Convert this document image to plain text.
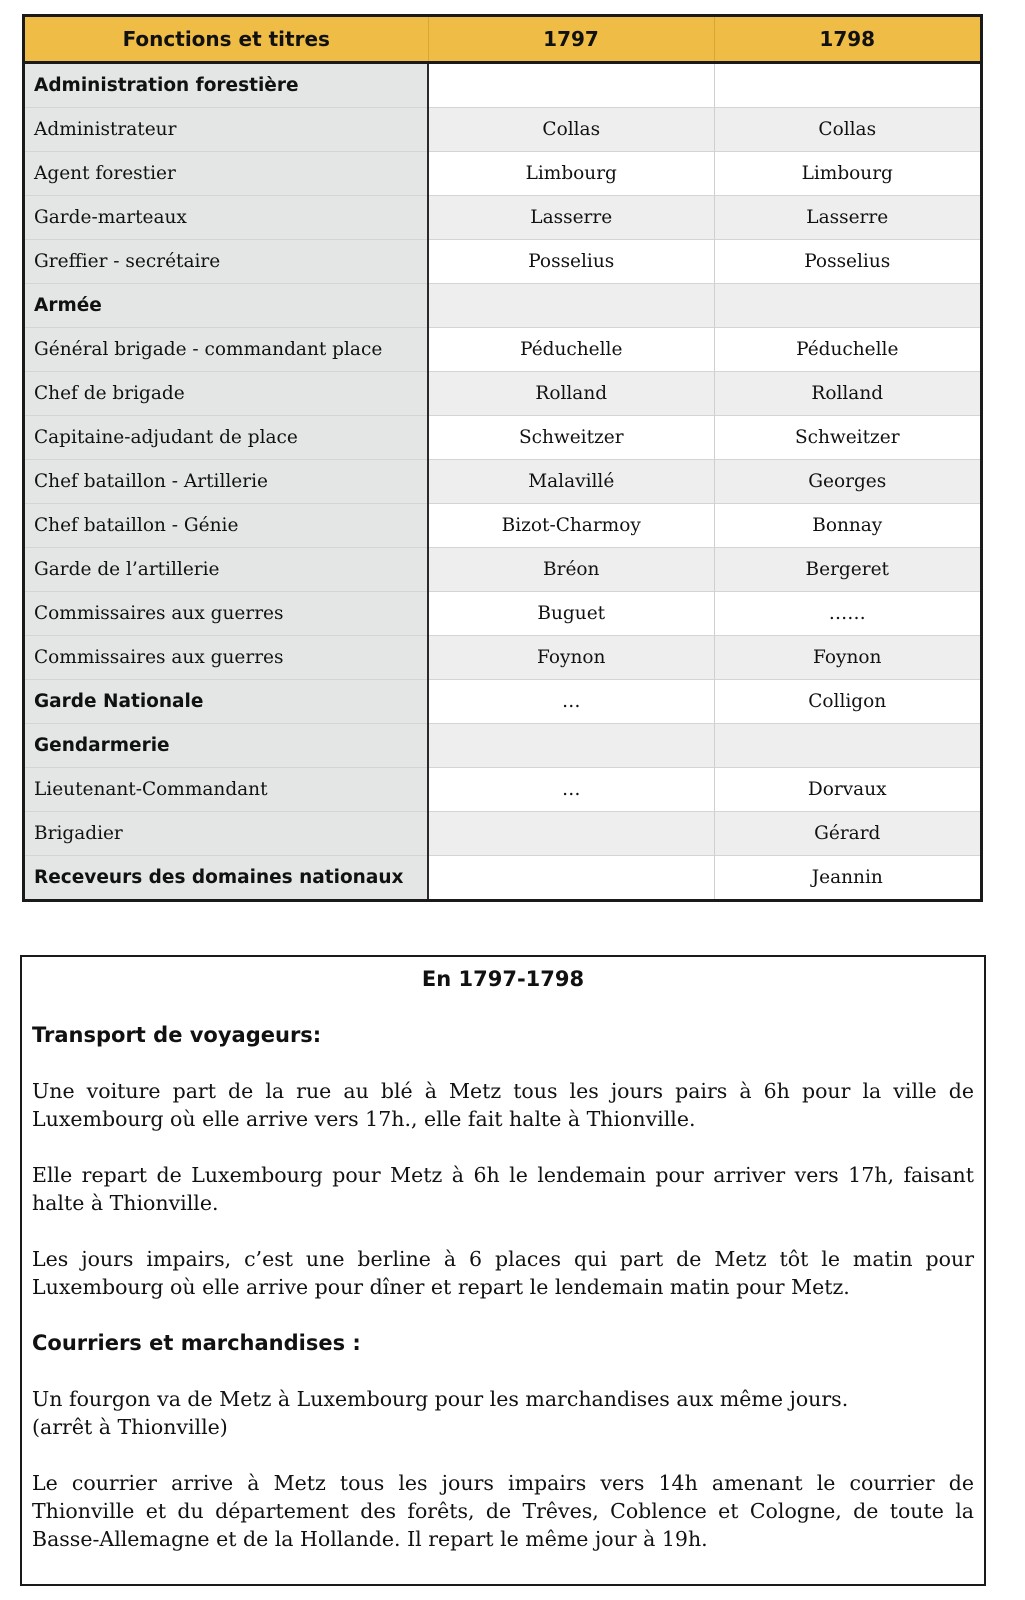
Fonctions et titres	1797	1798
Administration forestière		
Administrateur	Collas	Collas
Agent forestier	Limbourg	Limbourg
Garde-marteaux	Lasserre	Lasserre
Greffier - secrétaire	Posselius	Posselius
Armée		
Général brigade - commandant place	Péduchelle	Péduchelle
Chef de brigade	Rolland	Rolland
Capitaine-adjudant de place	Schweitzer	Schweitzer
Chef bataillon - Artillerie	Malavillé	Georges
Chef bataillon - Génie	Bizot-Charmoy	Bonnay
Garde de l’artillerie	Bréon	Bergeret
Commissaires aux guerres	Buguet	……
Commissaires aux guerres	Foynon	Foynon
Garde Nationale	…	Colligon
Gendarmerie		
Lieutenant-Commandant	…	Dorvaux
Brigadier		Gérard
Receveurs des domaines nationaux		Jeannin
En 1797-1798
Transport de voyageurs:

Une voiture part de la rue au blé à Metz tous les jours pairs à 6h pour la ville de Luxembourg où elle arrive vers 17h., elle fait halte à Thionville.

Elle repart de Luxembourg pour Metz à 6h le lendemain pour arriver vers 17h, faisant halte à Thionville.

Les jours impairs, c’est une berline à 6 places qui part de Metz tôt le matin pour Luxembourg où elle arrive pour dîner et repart le lendemain matin pour Metz.

Courriers et marchandises :

Un fourgon va de Metz à Luxembourg pour les marchandises aux même jours.
(arrêt à Thionville)

Le courrier arrive à Metz tous les jours impairs vers 14h amenant le courrier de Thionville et du département des forêts, de Trêves, Coblence et Cologne, de toute la Basse-Allemagne et de la Hollande. Il repart le même jour à 19h.
